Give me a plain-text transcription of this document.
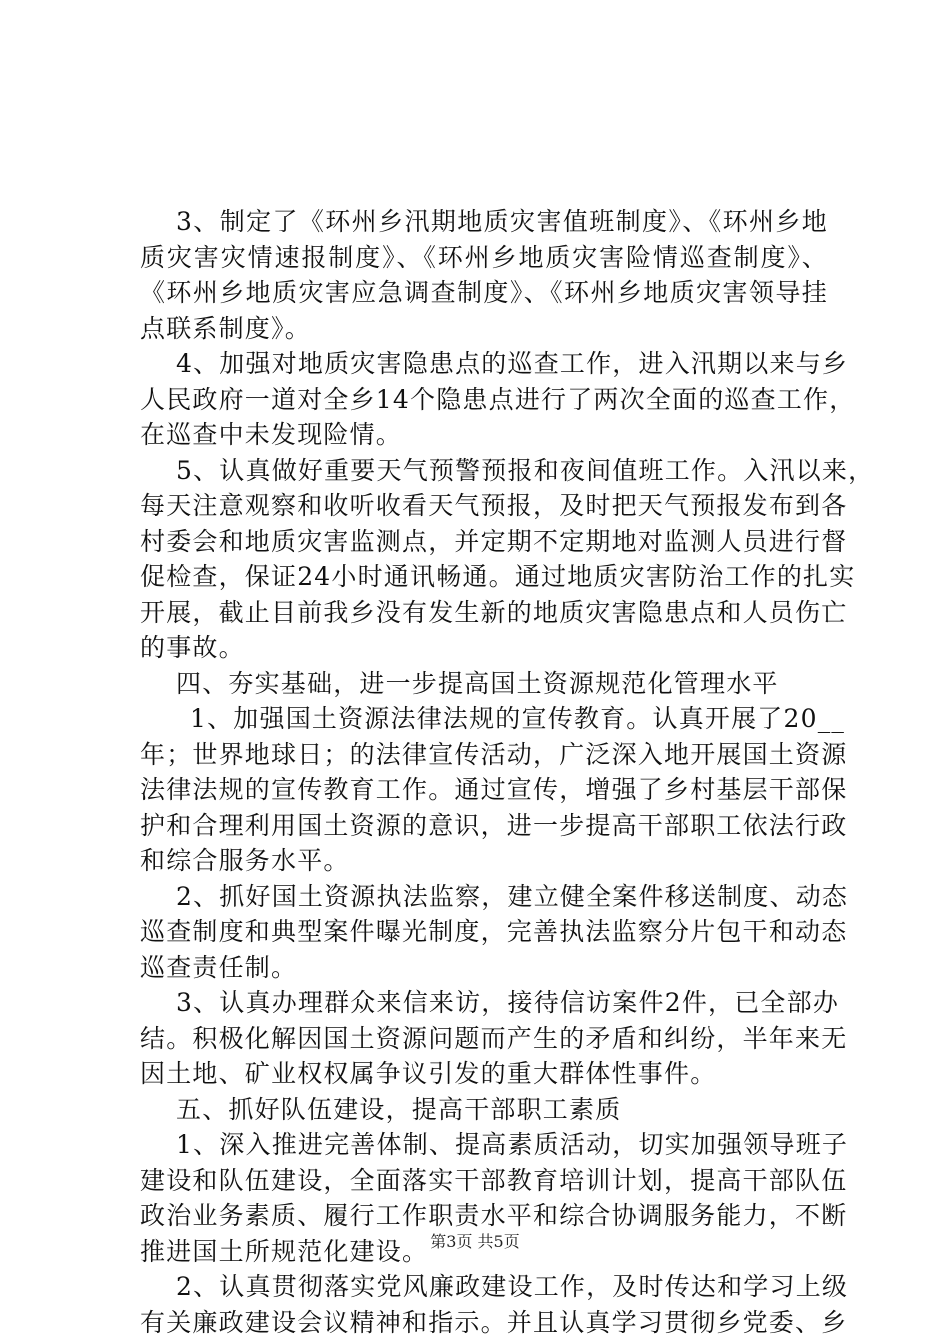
3、制定了《环州乡汛期地质灾害值班制度》、《环州乡地
质灾害灾情速报制度》、《环州乡地质灾害险情巡查制度》、
《环州乡地质灾害应急调查制度》、《环州乡地质灾害领导挂
点联系制度》。
4、加强对地质灾害隐患点的巡查工作，进入汛期以来与乡
人民政府一道对全乡14个隐患点进行了两次全面的巡查工作，
在巡查中未发现险情。
5、认真做好重要天气预警预报和夜间值班工作。入汛以来，
每天注意观察和收听收看天气预报，及时把天气预报发布到各
村委会和地质灾害监测点，并定期不定期地对监测人员进行督
促检查，保证24小时通讯畅通。通过地质灾害防治工作的扎实
开展，截止目前我乡没有发生新的地质灾害隐患点和人员伤亡
的事故。
四、夯实基础，进一步提高国土资源规范化管理水平
1、加强国土资源法律法规的宣传教育。认真开展了20__
年；世界地球日；的法律宣传活动，广泛深入地开展国土资源
法律法规的宣传教育工作。通过宣传，增强了乡村基层干部保
护和合理利用国土资源的意识，进一步提高干部职工依法行政
和综合服务水平。
2、抓好国土资源执法监察，建立健全案件移送制度、动态
巡查制度和典型案件曝光制度，完善执法监察分片包干和动态
巡查责任制。
3、认真办理群众来信来访，接待信访案件2件，已全部办
结。积极化解因国土资源问题而产生的矛盾和纠纷，半年来无
因土地、矿业权权属争议引发的重大群体性事件。
五、抓好队伍建设，提高干部职工素质
1、深入推进完善体制、提高素质活动，切实加强领导班子
建设和队伍建设，全面落实干部教育培训计划，提高干部队伍
政治业务素质、履行工作职责水平和综合协调服务能力，不断
推进国土所规范化建设。
2、认真贯彻落实党风廉政建设工作，及时传达和学习上级
有关廉政建设会议精神和指示。并且认真学习贯彻乡党委、乡
第3页 共5页
